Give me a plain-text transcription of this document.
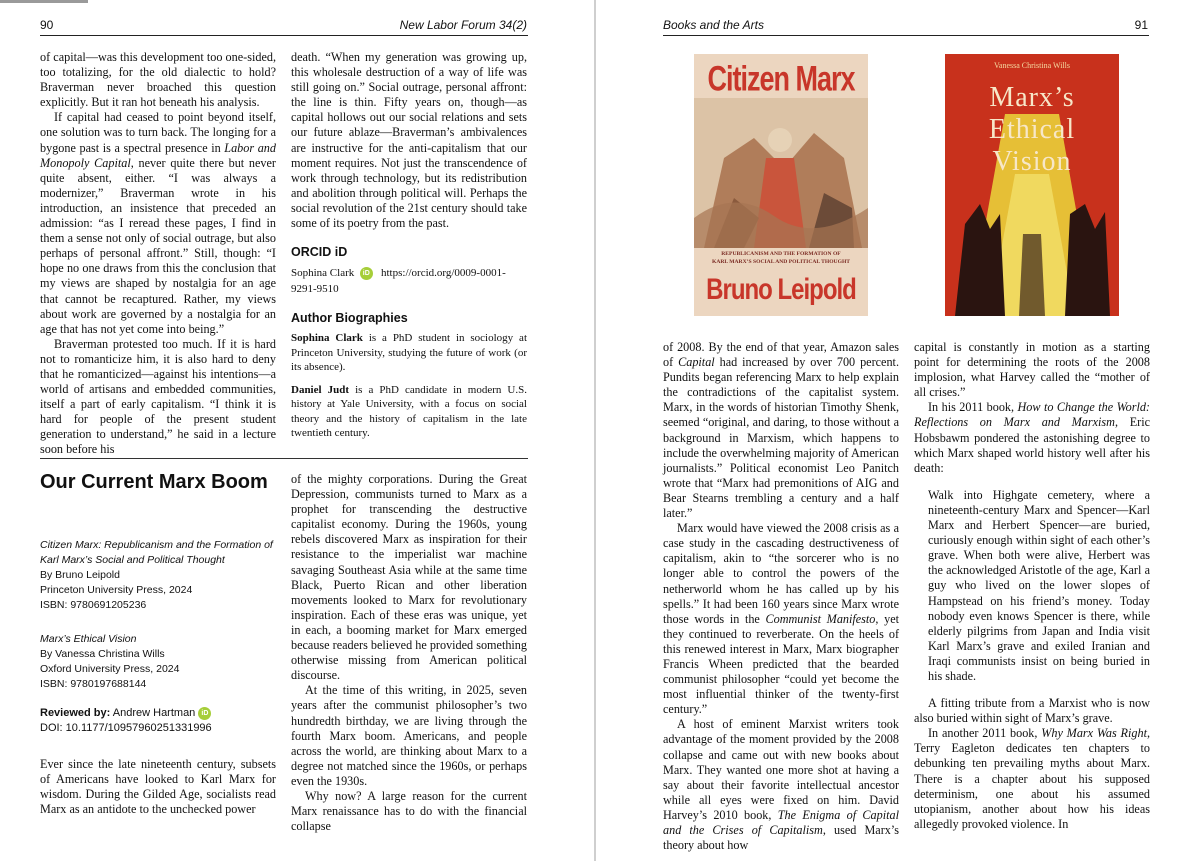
90	New Labor Forum 34(2)

of capital—was this development too one-sided, too totalizing, for the old dialectic to hold? Braverman never broached this question explicitly. But it ran hot beneath his analysis.

If capital had ceased to point beyond itself, one solution was to turn back. The longing for a bygone past is a spectral presence in Labor and Monopoly Capital, never quite there but never quite absent, either. “I was always a modernizer,” Braverman wrote in his introduction, an insistence that preceded an admission: “as I reread these pages, I find in them a sense not only of social outrage, but also perhaps of personal affront.” Still, though: “I hope no one draws from this the conclusion that my views are shaped by nostalgia for an age that cannot be recaptured. Rather, my views about work are governed by a nostalgia for an age that has not yet come into being.”

Braverman protested too much. If it is hard not to romanticize him, it is also hard to deny that he romanticized—against his intentions—a world of artisans and embedded communities, itself a part of early capitalism. “I think it is hard for people of the present student generation to understand,” he said in a lecture soon before his

death. “When my generation was growing up, this wholesale destruction of a way of life was still going on.” Social outrage, personal affront: the line is thin. Fifty years on, though—as capital hollows out our social relations and sets our future ablaze—Braverman’s ambivalences are instructive for the anti-capitalism that our moment requires. Not just the transcendence of work through technology, but its redistribution and abolition through political will. Perhaps the social revolution of the 21st century should take some of its poetry from the past.

ORCID iD
Sophina Clark iD https://orcid.org/0009-0001-
9291-9510
Author Biographies
Sophina Clark is a PhD student in sociology at Princeton University, studying the future of work (or its absence).
Daniel Judt is a PhD candidate in modern U.S. history at Yale University, with a focus on social theory and the history of capitalism in the late twentieth century.
Our Current Marx Boom
Citizen Marx: Republicanism and the Formation of Karl Marx’s Social and Political Thought
By Bruno Leipold
Princeton University Press, 2024
ISBN: 9780691205236
Marx’s Ethical Vision
By Vanessa Christina Wills
Oxford University Press, 2024
ISBN: 9780197688144
Reviewed by: Andrew Hartman iD
DOI: 10.1177/10957960251331996

Ever since the late nineteenth century, subsets of Americans have looked to Karl Marx for wisdom. During the Gilded Age, socialists read Marx as an antidote to the unchecked power

of the mighty corporations. During the Great Depression, communists turned to Marx as a prophet for transcending the destructive capitalist economy. During the 1960s, young rebels discovered Marx as inspiration for their resistance to the imperialist war machine savaging Southeast Asia while at the same time Black, Puerto Rican and other liberation movements looked to Marx for revolutionary inspiration. Each of these eras was unique, yet in each, a booming market for Marx emerged because readers believed he provided something otherwise missing from American political discourse.

At the time of this writing, in 2025, seven years after the communist philosopher’s two hundredth birthday, we are living through the fourth Marx boom. Americans, and people across the world, are thinking about Marx to a degree not matched since the 1960s, or perhaps even the 1930s.

Why now? A large reason for the current Marx renaissance has to do with the financial collapse

Books and the Arts	91
Citizen Marx
REPUBLICANISM AND THE FORMATION OF
KARL MARX’S SOCIAL AND POLITICAL THOUGHT
Bruno Leipold
Vanessa Christina Wills
Marx’s
Ethical
Vision

of 2008. By the end of that year, Amazon sales of Capital had increased by over 700 percent. Pundits began referencing Marx to help explain the contradictions of the capitalist system. Marx, in the words of historian Timothy Shenk, seemed “original, and daring, to those without a background in Marxism, which happens to include the overwhelming majority of American journalists.” Political economist Leo Panitch wrote that “Marx had premonitions of AIG and Bear Stearns trembling a century and a half later.”

Marx would have viewed the 2008 crisis as a case study in the cascading destructiveness of capitalism, akin to “the sorcerer who is no longer able to control the powers of the netherworld whom he has called up by his spells.” It had been 160 years since Marx wrote those words in the Communist Manifesto, yet they continued to reverberate. On the heels of this renewed interest in Marx, Marx biographer Francis Wheen predicted that the bearded communist philosopher “could yet become the most influential thinker of the twenty-first century.”

A host of eminent Marxist writers took advantage of the moment provided by the 2008 collapse and came out with new books about Marx. They wanted one more shot at having a say about their favorite intellectual ancestor while all eyes were fixed on him. David Harvey’s 2010 book, The Enigma of Capital and the Crises of Capitalism, used Marx’s theory about how

capital is constantly in motion as a starting point for determining the roots of the 2008 implosion, what Harvey called the “mother of all crises.”

In his 2011 book, How to Change the World: Reflections on Marx and Marxism, Eric Hobsbawm pondered the astonishing degree to which Marx shaped world history well after his death:

Walk into Highgate cemetery, where a nineteenth-century Marx and Spencer—Karl Marx and Herbert Spencer—are buried, curiously enough within sight of each other’s grave. When both were alive, Herbert was the acknowledged Aristotle of the age, Karl a guy who lived on the lower slopes of Hampstead on his friend’s money. Today nobody even knows Spencer is there, while elderly pilgrims from Japan and India visit Karl Marx’s grave and exiled Iranian and Iraqi communists insist on being buried in his shade.

A fitting tribute from a Marxist who is now also buried within sight of Marx’s grave.

In another 2011 book, Why Marx Was Right, Terry Eagleton dedicates ten chapters to debunking ten prevailing myths about Marx. There is a chapter about his supposed determinism, one about his assumed utopianism, another about how his ideas allegedly provoked violence. In
